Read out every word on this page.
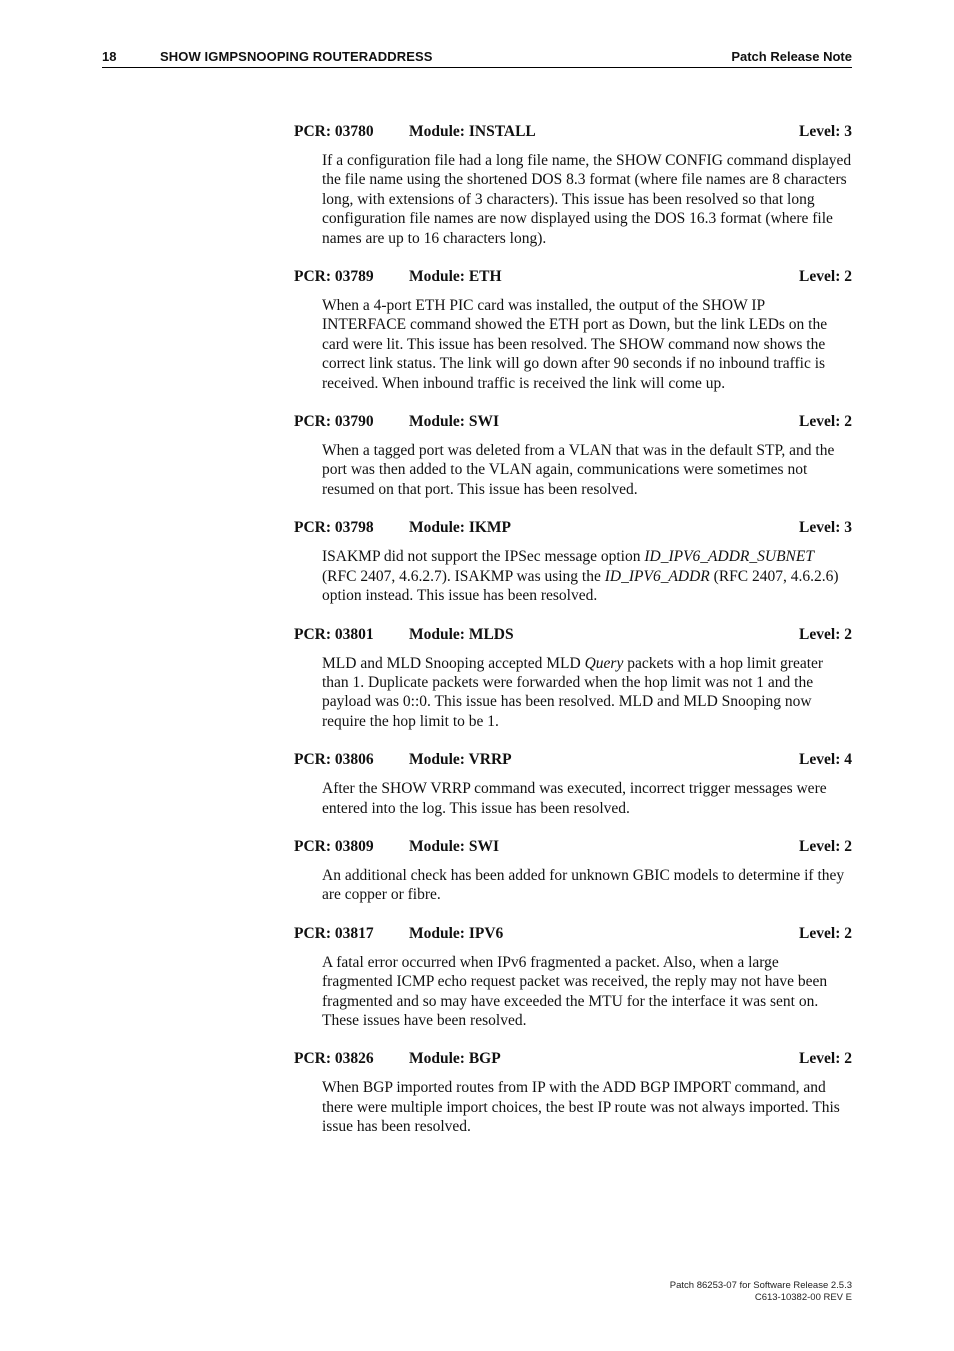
18	SHOW IGMPSNOOPING ROUTERADDRESS	Patch Release Note
PCR: 03780 Module: INSTALL	Level: 3

If a configuration file had a long file name, the SHOW CONFIG command displayed the file name using the shortened DOS 8.3 format (where file names are 8 characters long, with extensions of 3 characters). This issue has been resolved so that long configuration file names are now displayed using the DOS 16.3 format (where file names are up to 16 characters long).

PCR: 03789 Module: ETH	Level: 2

When a 4-port ETH PIC card was installed, the output of the SHOW IP INTERFACE command showed the ETH port as Down, but the link LEDs on the card were lit. This issue has been resolved. The SHOW command now shows the correct link status. The link will go down after 90 seconds if no inbound traffic is received. When inbound traffic is received the link will come up.

PCR: 03790 Module: SWI	Level: 2

When a tagged port was deleted from a VLAN that was in the default STP, and the port was then added to the VLAN again, communications were sometimes not resumed on that port. This issue has been resolved.

PCR: 03798 Module: IKMP	Level: 3

ISAKMP did not support the IPSec message option ID_IPV6_ADDR_SUBNET (RFC 2407, 4.6.2.7). ISAKMP was using the ID_IPV6_ADDR (RFC 2407, 4.6.2.6) option instead. This issue has been resolved.

PCR: 03801 Module: MLDS	Level: 2

MLD and MLD Snooping accepted MLD Query packets with a hop limit greater than 1. Duplicate packets were forwarded when the hop limit was not 1 and the payload was 0::0. This issue has been resolved. MLD and MLD Snooping now require the hop limit to be 1.

PCR: 03806 Module: VRRP	Level: 4

After the SHOW VRRP command was executed, incorrect trigger messages were entered into the log. This issue has been resolved.

PCR: 03809 Module: SWI	Level: 2

An additional check has been added for unknown GBIC models to determine if they are copper or fibre.

PCR: 03817 Module: IPV6	Level: 2

A fatal error occurred when IPv6 fragmented a packet. Also, when a large fragmented ICMP echo request packet was received, the reply may not have been fragmented and so may have exceeded the MTU for the interface it was sent on. These issues have been resolved.

PCR: 03826 Module: BGP	Level: 2

When BGP imported routes from IP with the ADD BGP IMPORT command, and there were multiple import choices, the best IP route was not always imported. This issue has been resolved.

Patch 86253-07 for Software Release 2.5.3
C613-10382-00 REV E
